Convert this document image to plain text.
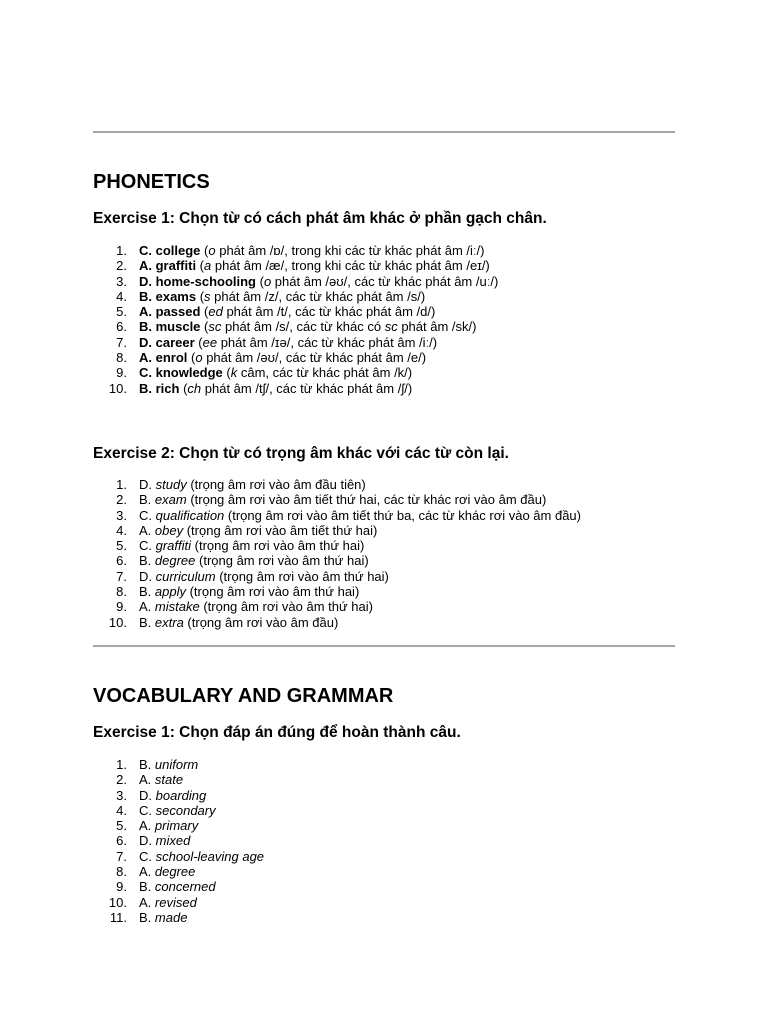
PHONETICS
Exercise 1: Chọn từ có cách phát âm khác ở phần gạch chân.
1. C. college (o phát âm /ɒ/, trong khi các từ khác phát âm /iː/)
2. A. graffiti (a phát âm /æ/, trong khi các từ khác phát âm /eɪ/)
3. D. home-schooling (o phát âm /əʊ/, các từ khác phát âm /uː/)
4. B. exams (s phát âm /z/, các từ khác phát âm /s/)
5. A. passed (ed phát âm /t/, các từ khác phát âm /d/)
6. B. muscle (sc phát âm /s/, các từ khác có sc phát âm /sk/)
7. D. career (ee phát âm /ɪə/, các từ khác phát âm /iː/)
8. A. enrol (o phát âm /əʊ/, các từ khác phát âm /e/)
9. C. knowledge (k câm, các từ khác phát âm /k/)
10. B. rich (ch phát âm /tʃ/, các từ khác phát âm /ʃ/)
Exercise 2: Chọn từ có trọng âm khác với các từ còn lại.
1. D. study (trọng âm rơi vào âm đầu tiên)
2. B. exam (trọng âm rơi vào âm tiết thứ hai, các từ khác rơi vào âm đầu)
3. C. qualification (trọng âm rơi vào âm tiết thứ ba, các từ khác rơi vào âm đầu)
4. A. obey (trọng âm rơi vào âm tiết thứ hai)
5. C. graffiti (trọng âm rơi vào âm thứ hai)
6. B. degree (trọng âm rơi vào âm thứ hai)
7. D. curriculum (trọng âm rơi vào âm thứ hai)
8. B. apply (trọng âm rơi vào âm thứ hai)
9. A. mistake (trọng âm rơi vào âm thứ hai)
10. B. extra (trọng âm rơi vào âm đầu)
VOCABULARY AND GRAMMAR
Exercise 1: Chọn đáp án đúng để hoàn thành câu.
1. B. uniform
2. A. state
3. D. boarding
4. C. secondary
5. A. primary
6. D. mixed
7. C. school-leaving age
8. A. degree
9. B. concerned
10. A. revised
11. B. made
